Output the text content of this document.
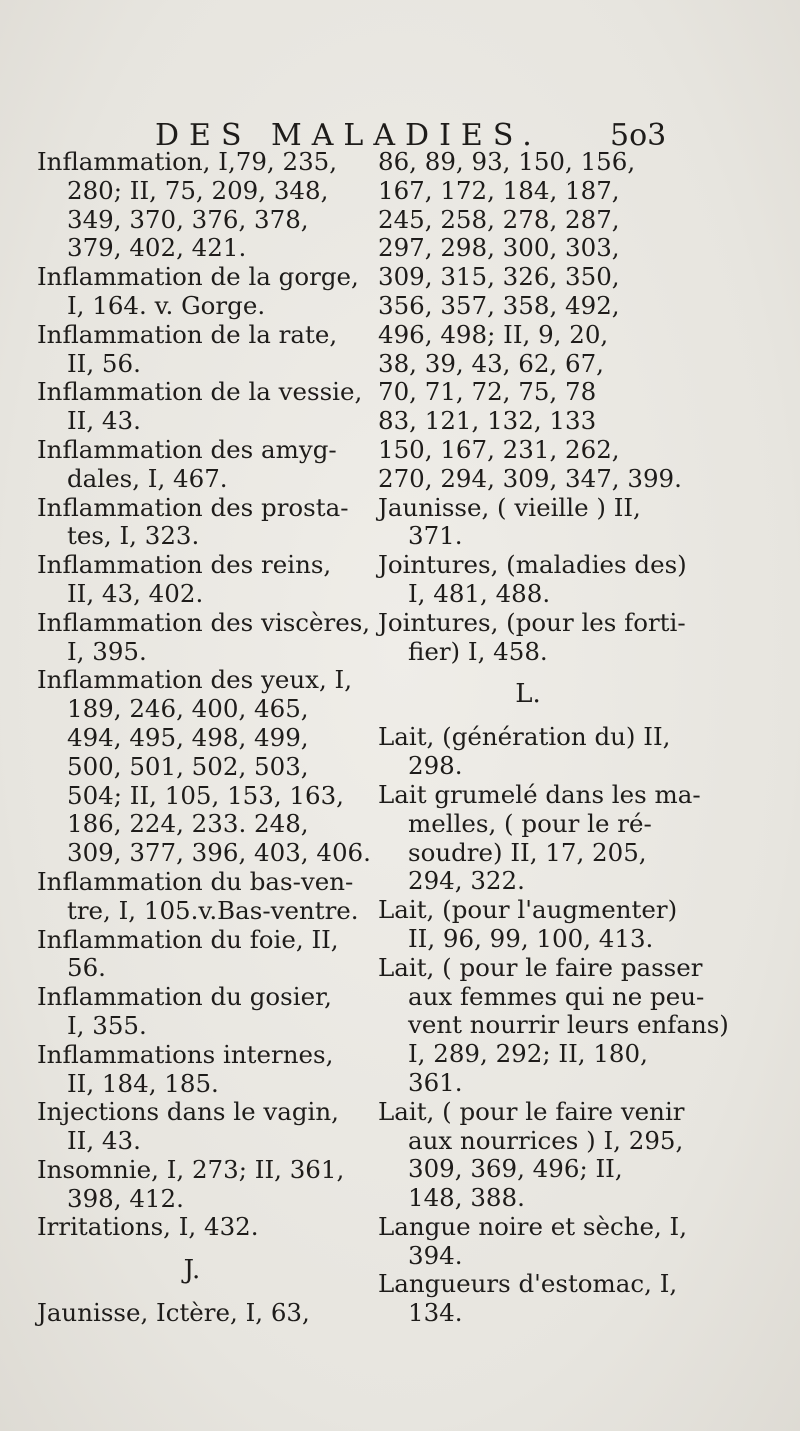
DES MALADIES.	5o3
Inflammation, I,79, 235,
280; II, 75, 209, 348,
349, 370, 376, 378,
379, 402, 421.
Inflammation de la gorge,
I, 164. v. Gorge.
Inflammation de la rate,
II, 56.
Inflammation de la vessie,
II, 43.
Inflammation des amyg-
dales, I, 467.
Inflammation des prosta-
tes, I, 323.
Inflammation des reins,
II, 43, 402.
Inflammation des viscères,
I, 395.
Inflammation des yeux, I,
189, 246, 400, 465,
494, 495, 498, 499,
500, 501, 502, 503,
504; II, 105, 153, 163,
186, 224, 233. 248,
309, 377, 396, 403, 406.
Inflammation du bas-ven-
tre, I, 105.v.Bas-ventre.
Inflammation du foie, II,
56.
Inflammation du gosier,
I, 355.
Inflammations internes,
II, 184, 185.
Injections dans le vagin,
II, 43.
Insomnie, I, 273; II, 361,
398, 412.
Irritations, I, 432.
J.
Jaunisse, Ictère, I, 63,
86, 89, 93, 150, 156,
167, 172, 184, 187,
245, 258, 278, 287,
297, 298, 300, 303,
309, 315, 326, 350,
356, 357, 358, 492,
496, 498; II, 9, 20,
38, 39, 43, 62, 67,
70, 71, 72, 75, 78
83, 121, 132, 133
150, 167, 231, 262,
270, 294, 309, 347, 399.
Jaunisse, ( vieille ) II,
371.
Jointures, (maladies des)
I, 481, 488.
Jointures, (pour les forti-
fier) I, 458.
L.
Lait, (génération du) II,
298.
Lait grumelé dans les ma-
melles, ( pour le ré-
soudre) II, 17, 205,
294, 322.
Lait, (pour l'augmenter)
II, 96, 99, 100, 413.
Lait, ( pour le faire passer
aux femmes qui ne peu-
vent nourrir leurs enfans)
I, 289, 292; II, 180,
361.
Lait, ( pour le faire venir
aux nourrices ) I, 295,
309, 369, 496; II,
148, 388.
Langue noire et sèche, I,
394.
Langueurs d'estomac, I,
134.
